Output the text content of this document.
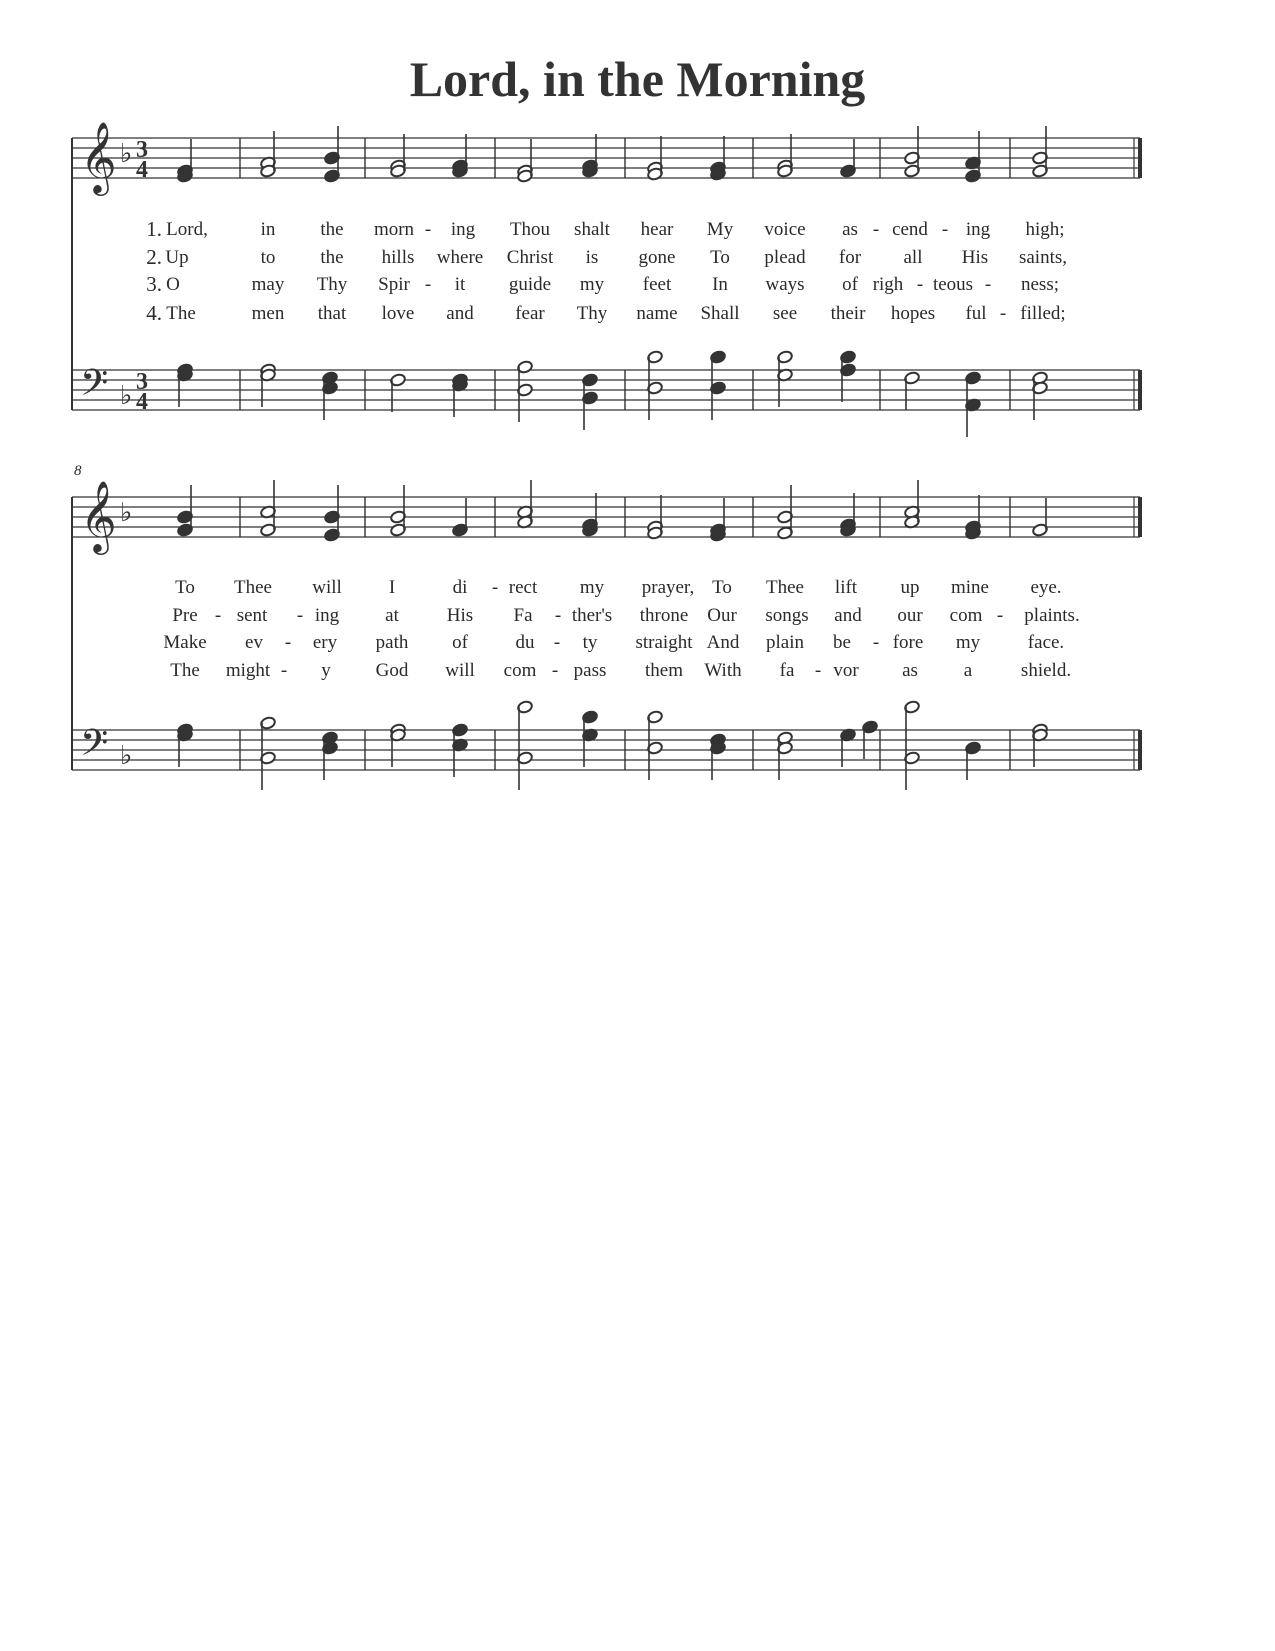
Lord, in the Morning
𝄞
𝄢
♭
♭
3
4
3
4
1. Lord,	in the morn - ing Thou shalt hear My voice as - cend - ing high;
2. Up	to the hills where Christ is gone To plead for all His saints,
3. O	may Thy Spir - it guide my feet In ways of righ - teous - ness;
4. The	men that love and fear Thy name Shall see their hopes ful - filled;
8
𝄞
𝄢
♭
♭
To Thee will I	di - rect my prayer, To Thee lift up mine eye.
Pre - sent - ing at	His Fa - ther's throne Our songs and our com - plaints.
Make ev - ery path of	du - ty straight And plain be - fore my	face.
The might - y God will com - pass them With fa - vor as a	shield.
